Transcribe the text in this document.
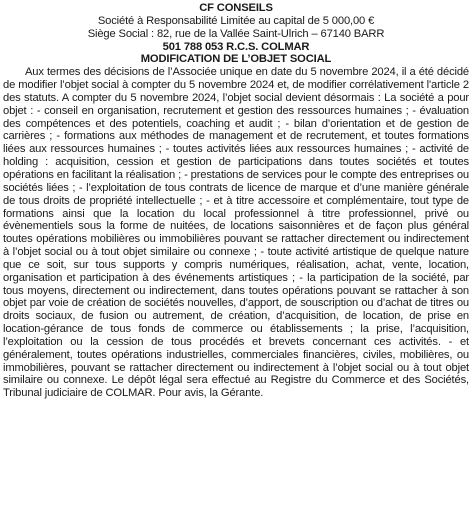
CF CONSEILS

Société à Responsabilité Limitée au capital de 5 000,00 €

Siège Social : 82, rue de la Vallée Saint-Ulrich – 67140 BARR

501 788 053 R.C.S. COLMAR

MODIFICATION DE L’OBJET SOCIAL

Aux termes des décisions de l’Associée unique en date du 5 novembre 2024, il a été décidé de modifier l’objet social à compter du 5 novembre 2024 et, de modifier corrélativement l'article 2 des statuts. A compter du 5 novembre 2024, l’objet social devient désormais : La société a pour objet : - conseil en organisation, recrutement et gestion des ressources humaines ; - évaluation des compétences et des potentiels, coaching et audit ; - bilan d’orientation et de gestion de carrières ; - formations aux méthodes de management et de recrutement, et toutes formations liées aux ressources humaines ; - toutes activités liées aux ressources humaines ; - activité de holding : acquisition, cession et gestion de participations dans toutes sociétés et toutes opérations en facilitant la réalisation ; - prestations de services pour le compte des entreprises ou sociétés liées ; - l’exploitation de tous contrats de licence de marque et d’une manière générale de tous droits de propriété intellectuelle ; - et à titre accessoire et complémentaire, tout type de formations ainsi que la location du local professionnel à titre professionnel, privé ou évènementiels sous la forme de nuitées, de locations saisonnières et de façon plus général toutes opérations mobilières ou immobilières pouvant se rattacher directement ou indirectement à l’objet social ou à tout objet similaire ou connexe ; - toute activité artistique de quelque nature que ce soit, sur tous supports y compris numériques, réalisation, achat, vente, location, organisation et participation à des événements artistiques ; - la participation de la société, par tous moyens, directement ou indirectement, dans toutes opérations pouvant se rattacher à son objet par voie de création de sociétés nouvelles, d’apport, de souscription ou d’achat de titres ou droits sociaux, de fusion ou autrement, de création, d’acquisition, de location, de prise en location-gérance de tous fonds de commerce ou établissements ; la prise, l’acquisition, l’exploitation ou la cession de tous procédés et brevets concernant ces activités. - et généralement, toutes opérations industrielles, commerciales financières, civiles, mobilières, ou immobilières, pouvant se rattacher directement ou indirectement à l’objet social ou à tout objet similaire ou connexe. Le dépôt légal sera effectué au Registre du Commerce et des Sociétés, Tribunal judiciaire de COLMAR. Pour avis, la Gérante.
